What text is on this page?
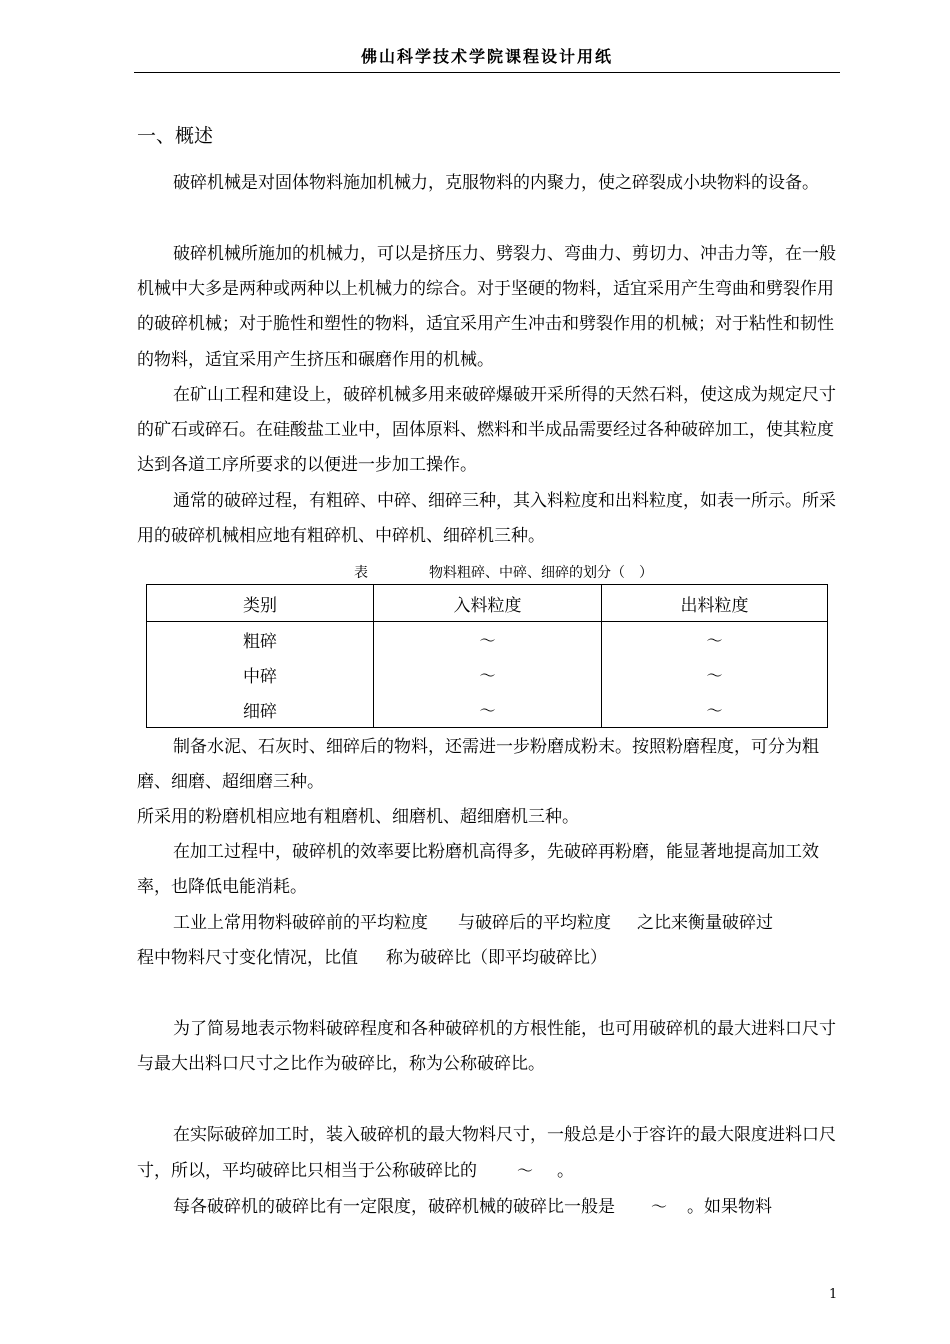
佛山科学技术学院课程设计用纸
一、概述

破碎机械是对固体物料施加机械力，克服物料的内聚力，使之碎裂成小块物料的设备。

破碎机械所施加的机械力，可以是挤压力、劈裂力、弯曲力、剪切力、冲击力等，在一般机械中大多是两种或两种以上机械力的综合。对于坚硬的物料，适宜采用产生弯曲和劈裂作用的破碎机械；对于脆性和塑性的物料，适宜采用产生冲击和劈裂作用的机械；对于粘性和韧性的物料，适宜采用产生挤压和碾磨作用的机械。

在矿山工程和建设上，破碎机械多用来破碎爆破开采所得的天然石料，使这成为规定尺寸的矿石或碎石。在硅酸盐工业中，固体原料、燃料和半成品需要经过各种破碎加工，使其粒度达到各道工序所要求的以便进一步加工操作。

通常的破碎过程，有粗碎、中碎、细碎三种，其入料粒度和出料粒度，如表一所示。所采用的破碎机械相应地有粗碎机、中碎机、细碎机三种。

表	物料粗碎、中碎、细碎的划分（　）
类别	入料粒度	出料粒度
粗碎	～	～
中碎	～	～
细碎	～	～

制备水泥、石灰时、细碎后的物料，还需进一步粉磨成粉末。按照粉磨程度，可分为粗磨、细磨、超细磨三种。

所采用的粉磨机相应地有粗磨机、细磨机、超细磨机三种。

在加工过程中，破碎机的效率要比粉磨机高得多，先破碎再粉磨，能显著地提高加工效率，也降低电能消耗。

工业上常用物料破碎前的平均粒度 与破碎后的平均粒度 之比来衡量破碎过
程中物料尺寸变化情况，比值 称为破碎比（即平均破碎比）

为了简易地表示物料破碎程度和各种破碎机的方根性能，也可用破碎机的最大进料口尺寸与最大出料口尺寸之比作为破碎比，称为公称破碎比。

在实际破碎加工时，装入破碎机的最大物料尺寸，一般总是小于容许的最大限度进料口尺寸，所以，平均破碎比只相当于公称破碎比的	～ 。

每各破碎机的破碎比有一定限度，破碎机械的破碎比一般是 ～ 。如果物料

1
